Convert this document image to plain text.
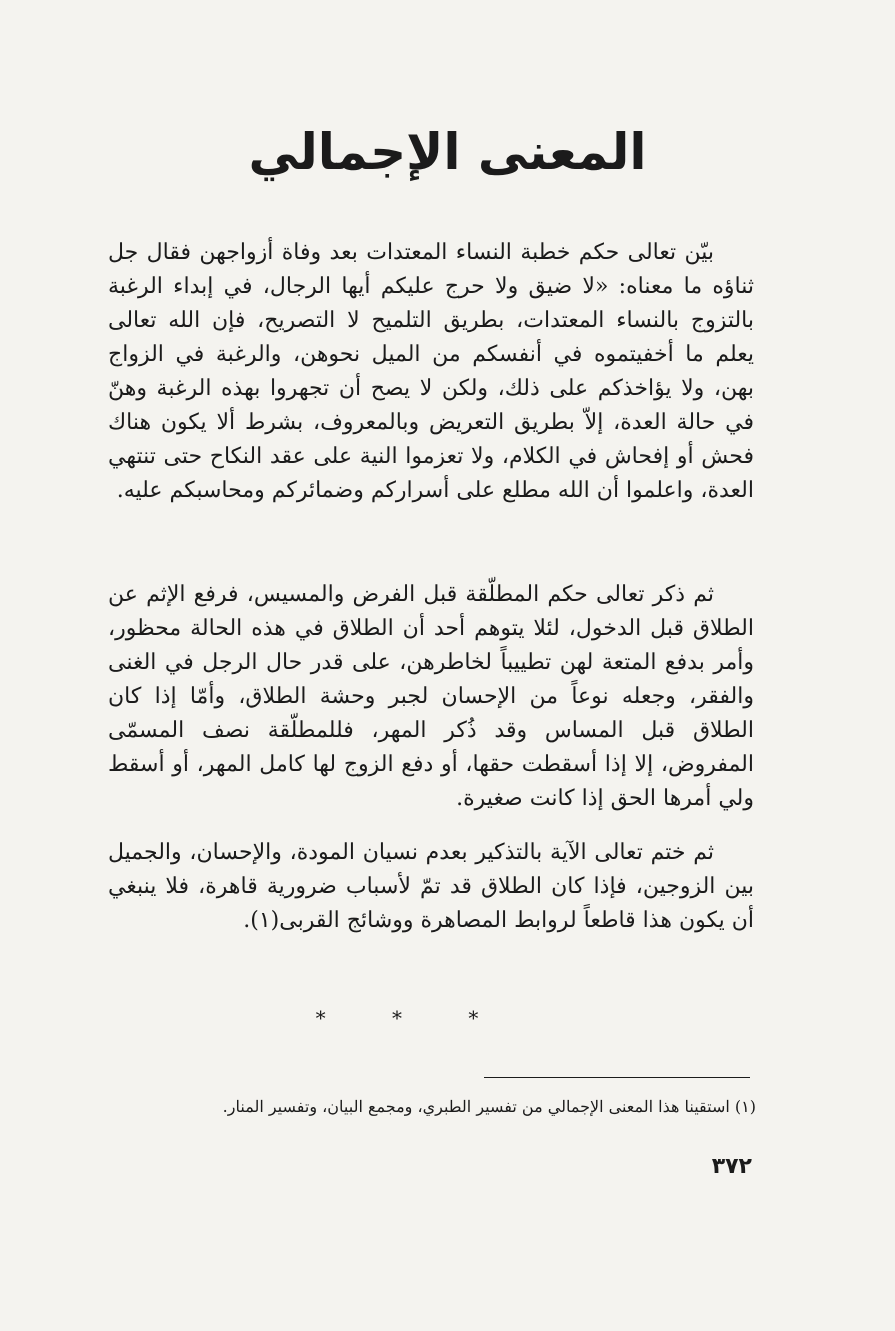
المعنى الإجمالي

بيّن تعالى حكم خطبة النساء المعتدات بعد وفاة أزواجهن فقال جل ثناؤه ما معناه: «لا ضيق ولا حرج عليكم أيها الرجال، في إبداء الرغبة بالتزوج بالنساء المعتدات، بطريق التلميح لا التصريح، فإن الله تعالى يعلم ما أخفيتموه في أنفسكم من الميل نحوهن، والرغبة في الزواج بهن، ولا يؤاخذكم على ذلك، ولكن لا يصح أن تجهروا بهذه الرغبة وهنّ في حالة العدة، إلاّ بطريق التعريض وبالمعروف، بشرط ألا يكون هناك فحش أو إفحاش في الكلام، ولا تعزموا النية على عقد النكاح حتى تنتهي العدة، واعلموا أن الله مطلع على أسراركم وضمائركم ومحاسبكم عليه.

ثم ذكر تعالى حكم المطلّقة قبل الفرض والمسيس، فرفع الإثم عن الطلاق قبل الدخول، لئلا يتوهم أحد أن الطلاق في هذه الحالة محظور، وأمر بدفع المتعة لهن تطييباً لخاطرهن، على قدر حال الرجل في الغنى والفقر، وجعله نوعاً من الإحسان لجبر وحشة الطلاق، وأمّا إذا كان الطلاق قبل المساس وقد ذُكر المهر، فللمطلّقة نصف المسمّى المفروض، إلا إذا أسقطت حقها، أو دفع الزوج لها كامل المهر، أو أسقط ولي أمرها الحق إذا كانت صغيرة.

ثم ختم تعالى الآية بالتذكير بعدم نسيان المودة، والإحسان، والجميل بين الزوجين، فإذا كان الطلاق قد تمّ لأسباب ضرورية قاهرة، فلا ينبغي أن يكون هذا قاطعاً لروابط المصاهرة ووشائج القربى(١).

* * *
(١) استقينا هذا المعنى الإجمالي من تفسير الطبري، ومجمع البيان، وتفسير المنار.
٣٧٢
